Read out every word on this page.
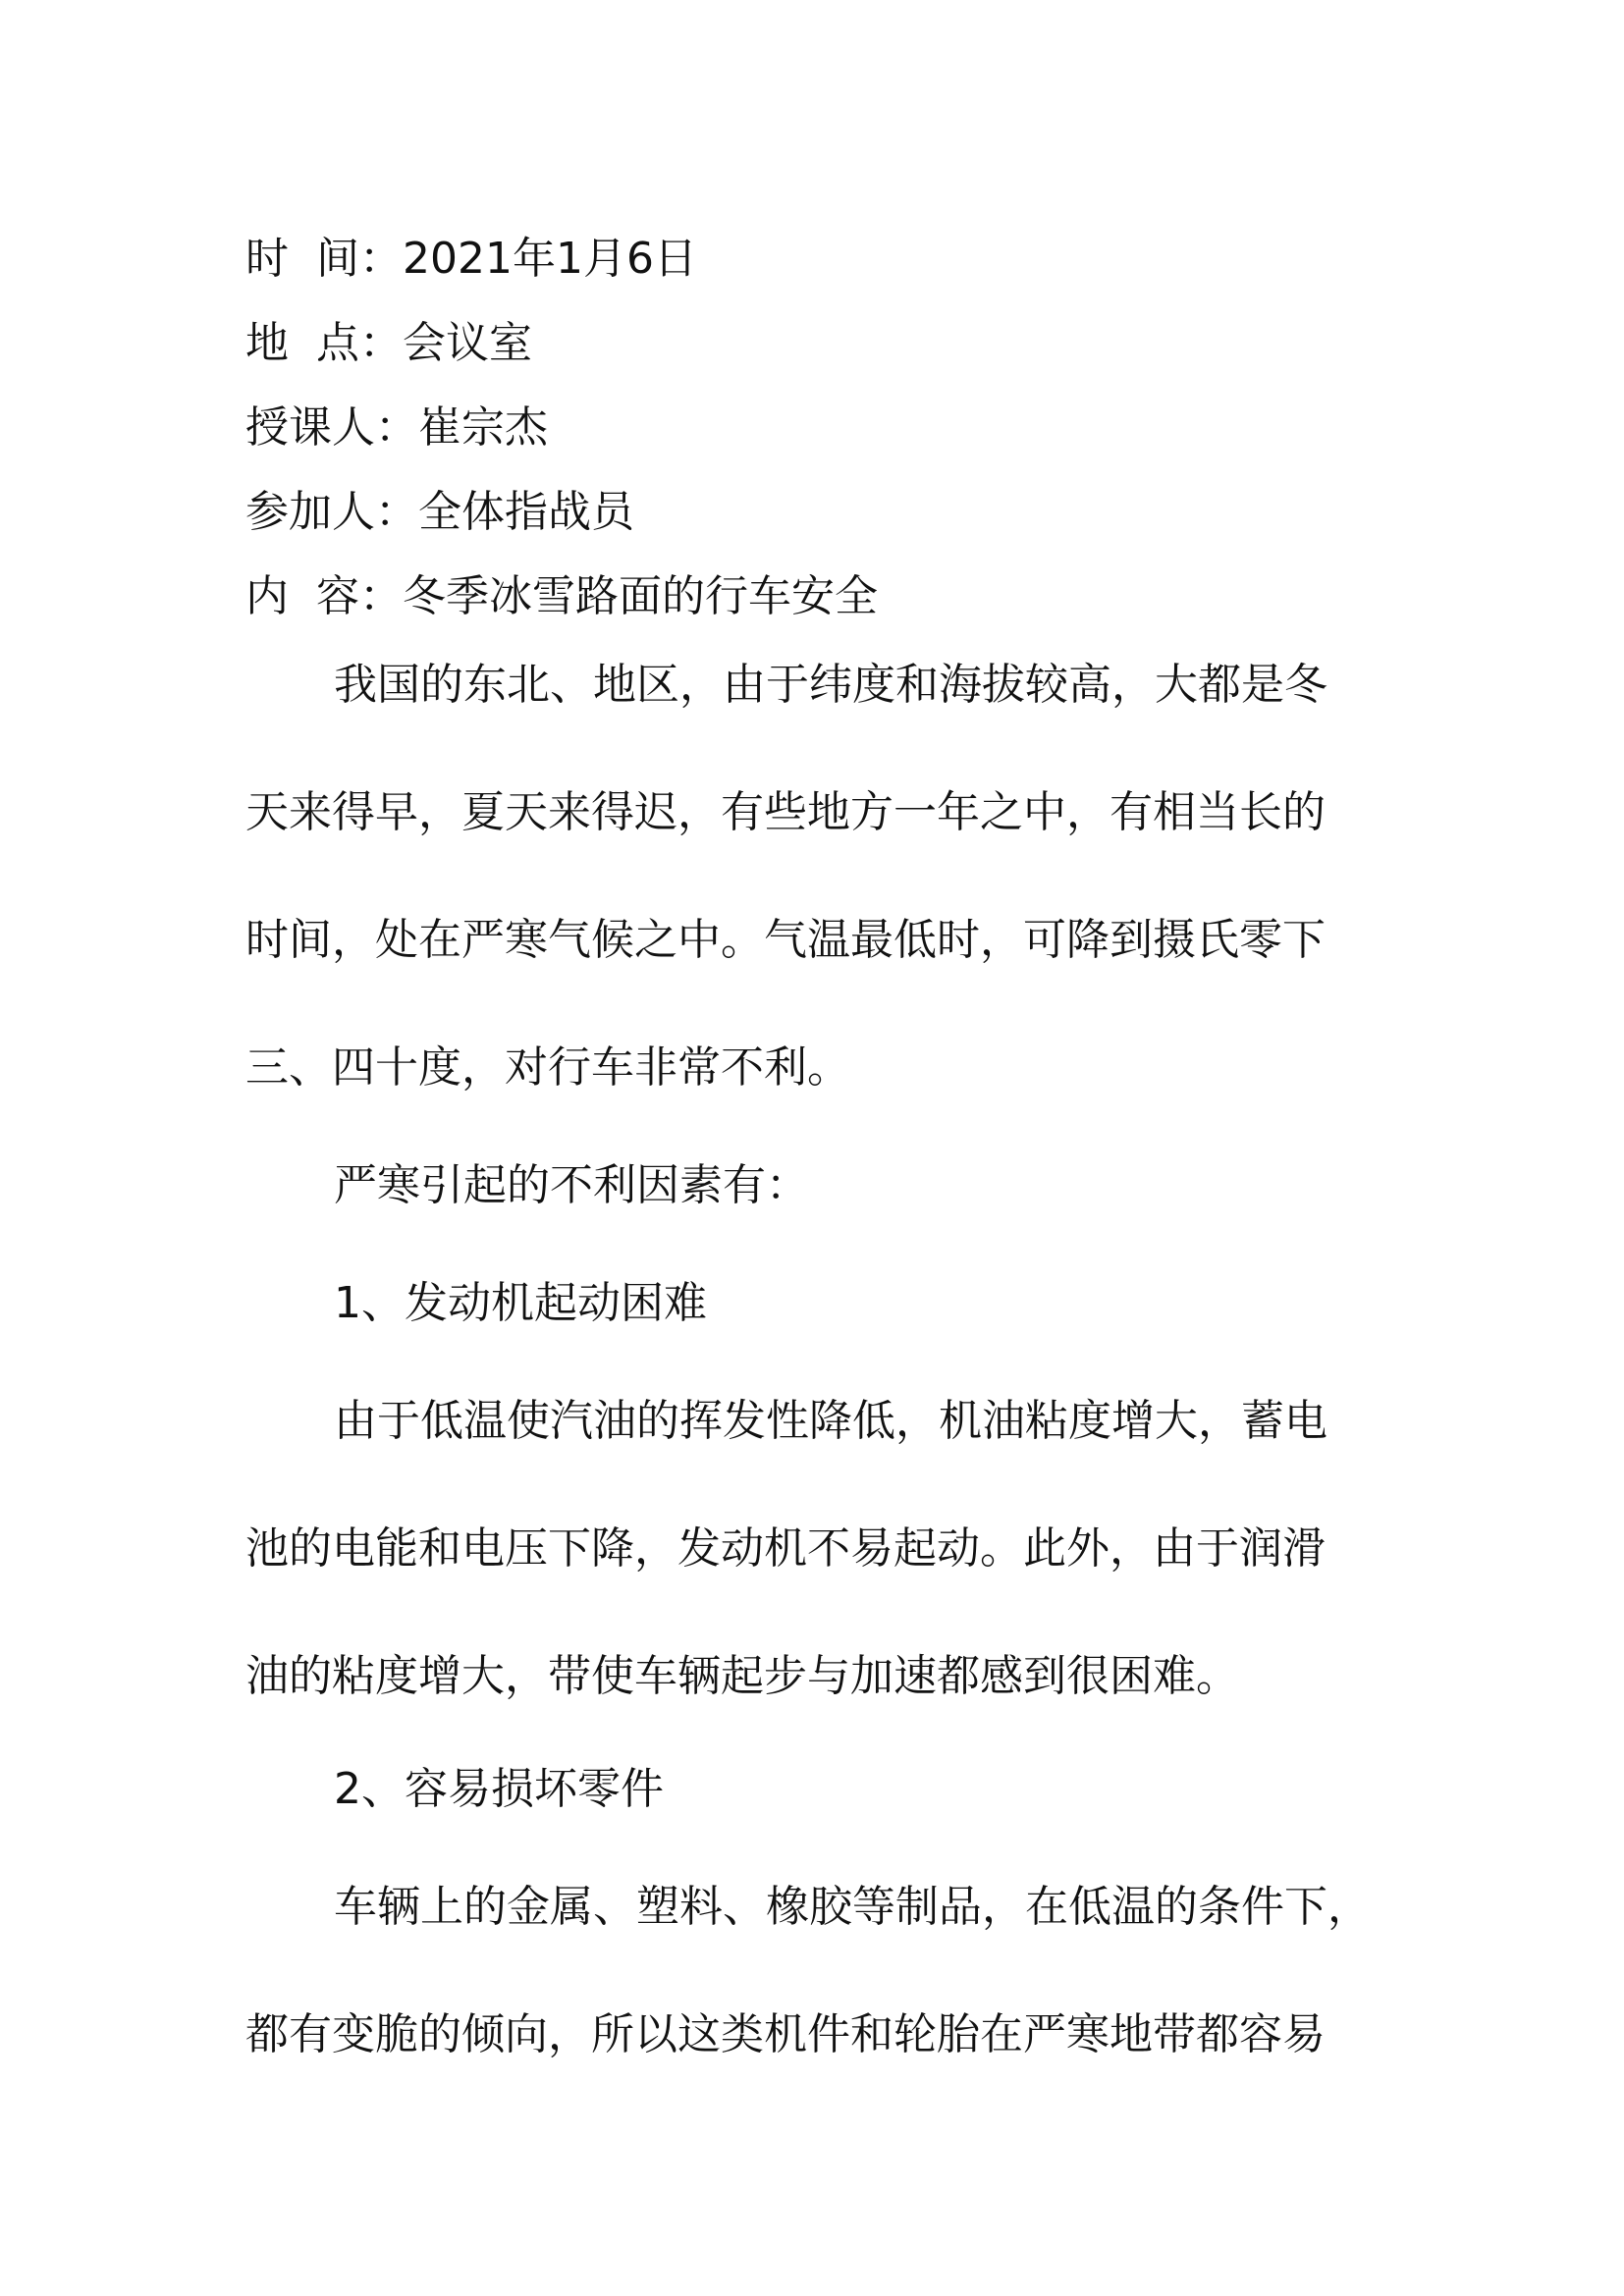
时  间 ： 2021年1月6日
地  点 ： 会议室
授课人 ： 崔宗杰
参加人 ： 全体指战员
内  容 ： 冬季冰雪路面的行车安全
我国的东北、地区，由于纬度和海拔较高，大都是冬
天来得早，夏天来得迟，有些地方一年之中，有相当长的
时间，处在严寒气候之中。气温最低时，可降到摄氏零下
三、四十度，对行车非常不利。
严寒引起的不利因素有：
1、发动机起动困难
由于低温使汽油的挥发性降低，机油粘度增大，蓄电
池的电能和电压下降，发动机不易起动。此外，由于润滑
油的粘度增大，带使车辆起步与加速都感到很困难。
2、容易损坏零件
车辆上的金属、塑料、橡胶等制品，在低温的条件下，
都有变脆的倾向，所以这类机件和轮胎在严寒地带都容易
